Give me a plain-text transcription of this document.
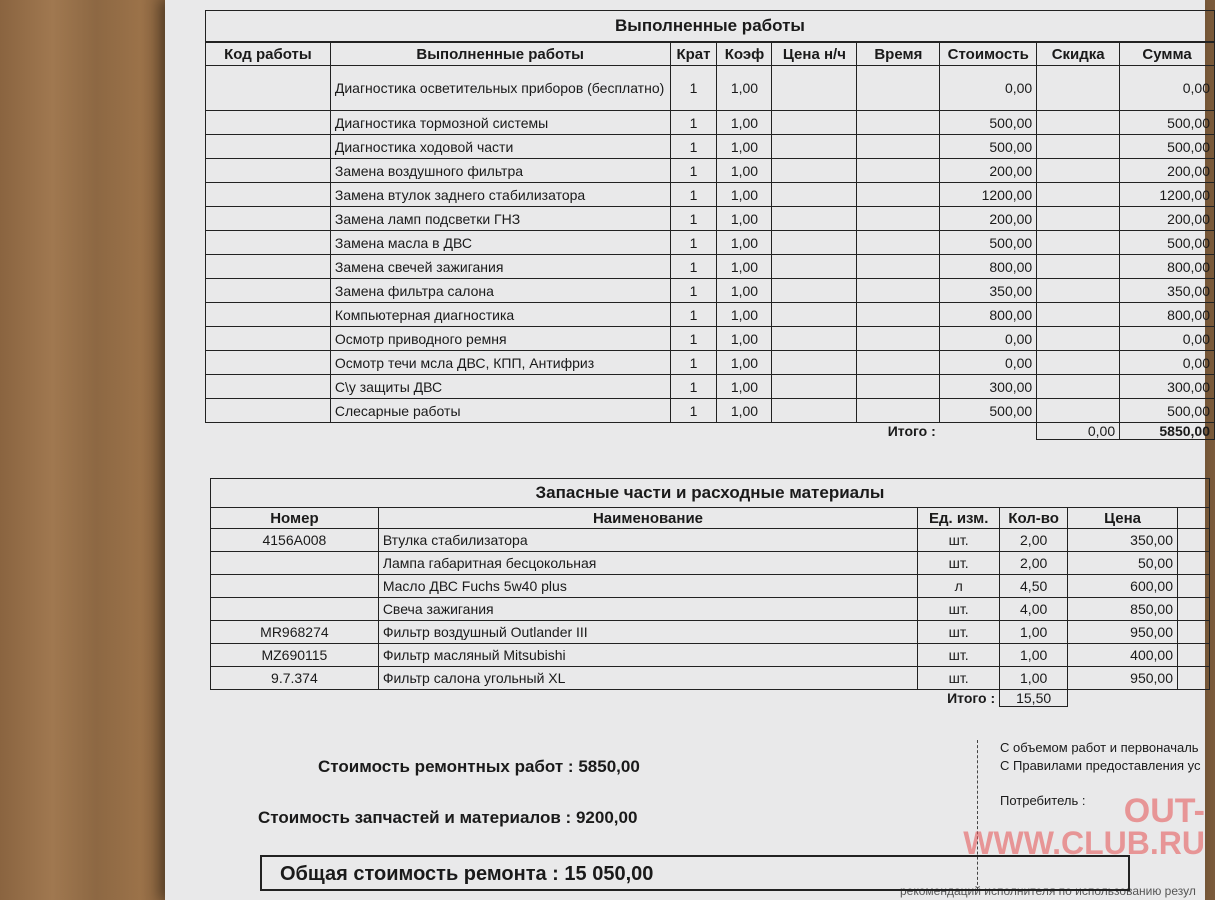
Выполненные работы								
Код работы	Выполненные работы	Крат	Коэф	Цена н/ч	Время	Стоимость	Скидка	Сумма
	Диагностика осветительных приборов (бесплатно)	1	1,00			0,00		0,00
	Диагностика тормозной системы	1	1,00			500,00		500,00
	Диагностика ходовой части	1	1,00			500,00		500,00
	Замена воздушного фильтра	1	1,00			200,00		200,00
	Замена втулок заднего стабилизатора	1	1,00			1200,00		1200,00
	Замена ламп подсветки ГНЗ	1	1,00			200,00		200,00
	Замена масла в ДВС	1	1,00			500,00		500,00
	Замена свечей зажигания	1	1,00			800,00		800,00
	Замена фильтра салона	1	1,00			350,00		350,00
	Компьютерная диагностика	1	1,00			800,00		800,00
	Осмотр приводного ремня	1	1,00			0,00		0,00
	Осмотр течи мсла ДВС, КПП, Антифриз	1	1,00			0,00		0,00
	С\у защиты ДВС	1	1,00			300,00		300,00
	Слесарные работы	1	1,00			500,00		500,00
Итого :							0,00	5850,00
Запасные части и расходные материалы					
Номер	Наименование	Ед. изм.	Кол-во	Цена	
4156A008	Втулка стабилизатора	шт.	2,00	350,00	
	Лампа габаритная бесцокольная	шт.	2,00	50,00	
	Масло ДВС Fuchs 5w40 plus	л	4,50	600,00	
	Свеча зажигания	шт.	4,00	850,00	
MR968274	Фильтр воздушный Outlander III	шт.	1,00	950,00	
MZ690115	Фильтр масляный Mitsubishi	шт.	1,00	400,00	
9.7.374	Фильтр салона угольный XL	шт.	1,00	950,00	
Итого :			15,50		
Стоимость ремонтных работ : 5850,00
Стоимость запчастей и материалов : 9200,00
С объемом работ и первоначаль
С Правилами предоставления ус
Потребитель :
рекомендаций исполнителя по использованию резул
OUT-
WWW.CLUB.RU
Общая стоимость ремонта : 15 050,00
